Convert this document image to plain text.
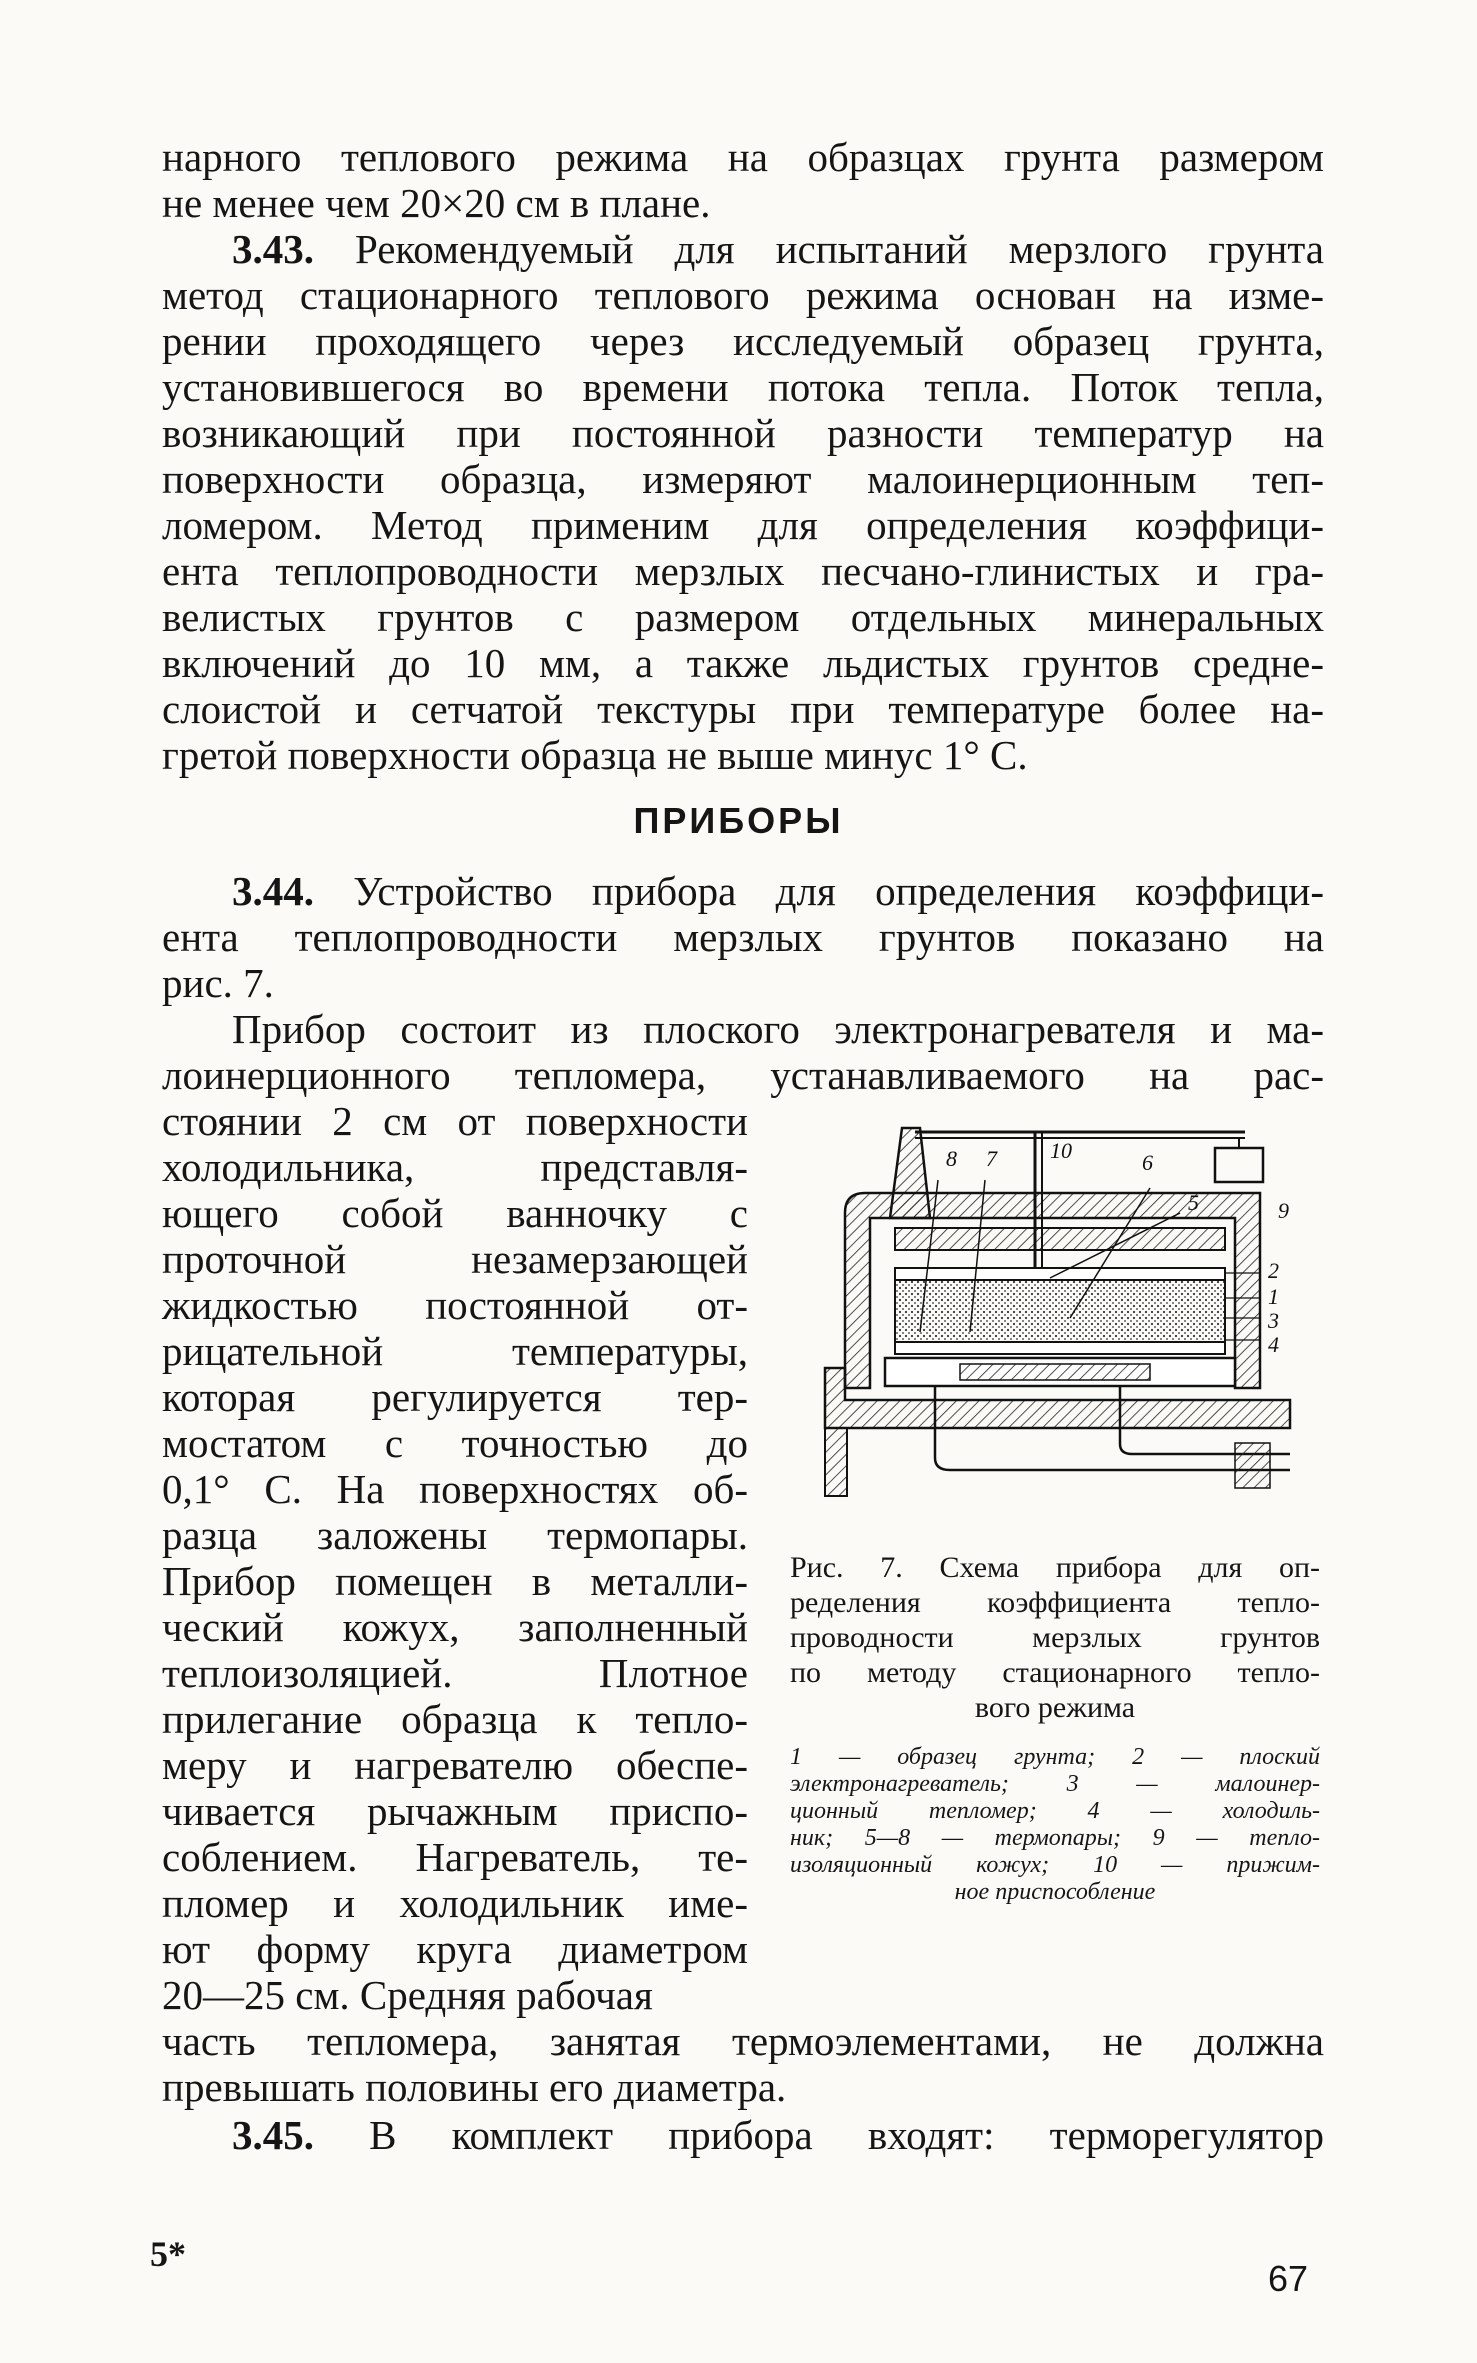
нарного теплового режима на образцах грунта размером
не менее чем 20×20 см в плане.
3.43. Рекомендуемый для испытаний мерзлого грунта
метод стационарного теплового режима основан на изме-
рении проходящего через исследуемый образец грунта,
установившегося во времени потока тепла. Поток тепла,
возникающий при постоянной разности температур на
поверхности образца, измеряют малоинерционным теп-
ломером. Метод применим для определения коэффици-
ента теплопроводности мерзлых песчано-глинистых и гра-
велистых грунтов с размером отдельных минеральных
включений до 10 мм, а также льдистых грунтов средне-
слоистой и сетчатой текстуры при температуре более на-
гретой поверхности образца не выше минус 1° С.
ПРИБОРЫ
3.44. Устройство прибора для определения коэффици-
ента теплопроводности мерзлых грунтов показано на
рис. 7.
Прибор состоит из плоского электронагревателя и ма-
лоинерционного тепломера, устанавливаемого на рас-
стоянии 2 см от поверхности
холодильника, представля-
ющего собой ванночку с
проточной незамерзающей
жидкостью постоянной от-
рицательной температуры,
которая регулируется тер-
мостатом с точностью до
0,1° С. На поверхностях об-
разца заложены термопары.
Прибор помещен в металли-
ческий кожух, заполненный
теплоизоляцией. Плотное
прилегание образца к тепло-
меру и нагревателю обеспе-
чивается рычажным приспо-
соблением. Нагреватель, те-
пломер и холодильник име-
ют форму круга диаметром
20—25 см. Средняя рабочая
часть тепломера, занятая термоэлементами, не должна
превышать половины его диаметра.
3.45. В комплект прибора входят: терморегулятор
8 7 10	6
5	9
2
1
3
4
Рис. 7. Схема прибора для оп-
ределения коэффициента тепло-
проводности мерзлых грунтов
по методу стационарного тепло-
вого режима
1 — образец грунта; 2 — плоский
электронагреватель; 3 — малоинер-
ционный тепломер; 4 — холодиль-
ник; 5—8 — термопары; 9 — тепло-
изоляционный кожух; 10 — прижим-
ное приспособление
5*
67
